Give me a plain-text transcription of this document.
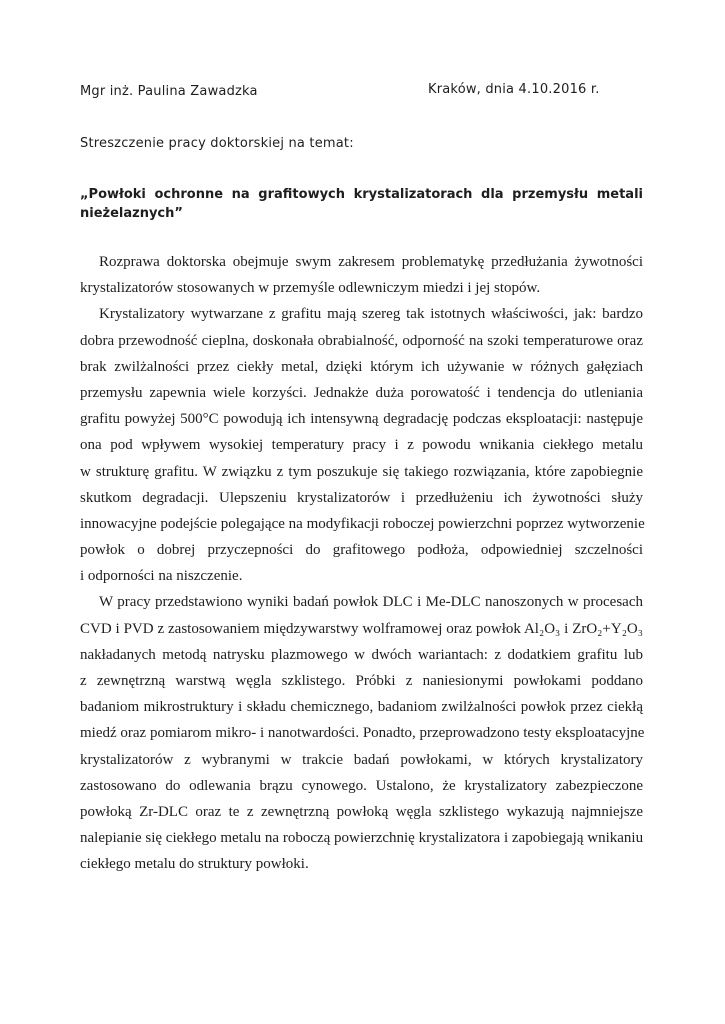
Mgr inż. Paulina Zawadzka	Kraków, dnia 4.10.2016 r.
Streszczenie pracy doktorskiej na temat:
„Powłoki ochronne na grafitowych krystalizatorach dla przemysłu metali
nieżelaznych”
Rozprawa doktorska obejmuje swym zakresem problematykę przedłużania żywotności
krystalizatorów stosowanych w przemyśle odlewniczym miedzi i jej stopów.
Krystalizatory wytwarzane z grafitu mają szereg tak istotnych właściwości, jak: bardzo
dobra przewodność cieplna, doskonała obrabialność, odporność na szoki temperaturowe oraz
brak zwilżalności przez ciekły metal, dzięki którym ich używanie w różnych gałęziach
przemysłu zapewnia wiele korzyści. Jednakże duża porowatość i tendencja do utleniania
grafitu powyżej 500°C powodują ich intensywną degradację podczas eksploatacji: następuje
ona pod wpływem wysokiej temperatury pracy i z powodu wnikania ciekłego metalu
w strukturę grafitu. W związku z tym poszukuje się takiego rozwiązania, które zapobiegnie
skutkom degradacji. Ulepszeniu krystalizatorów i przedłużeniu ich żywotności służy
innowacyjne podejście polegające na modyfikacji roboczej powierzchni poprzez wytworzenie
powłok o dobrej przyczepności do grafitowego podłoża, odpowiedniej szczelności
i odporności na niszczenie.
W pracy przedstawiono wyniki badań powłok DLC i Me-DLC nanoszonych w procesach
CVD i PVD z zastosowaniem międzywarstwy wolframowej oraz powłok Al₂O₃ i ZrO₂+Y₂O₃
nakładanych metodą natrysku plazmowego w dwóch wariantach: z dodatkiem grafitu lub
z zewnętrzną warstwą węgla szklistego. Próbki z naniesionymi powłokami poddano
badaniom mikrostruktury i składu chemicznego, badaniom zwilżalności powłok przez ciekłą
miedź oraz pomiarom mikro- i nanotwardości. Ponadto, przeprowadzono testy eksploatacyjne
krystalizatorów z wybranymi w trakcie badań powłokami, w których krystalizatory
zastosowano do odlewania brązu cynowego. Ustalono, że krystalizatory zabezpieczone
powłoką Zr-DLC oraz te z zewnętrzną powłoką węgla szklistego wykazują najmniejsze
nalepianie się ciekłego metalu na roboczą powierzchnię krystalizatora i zapobiegają wnikaniu
ciekłego metalu do struktury powłoki.
